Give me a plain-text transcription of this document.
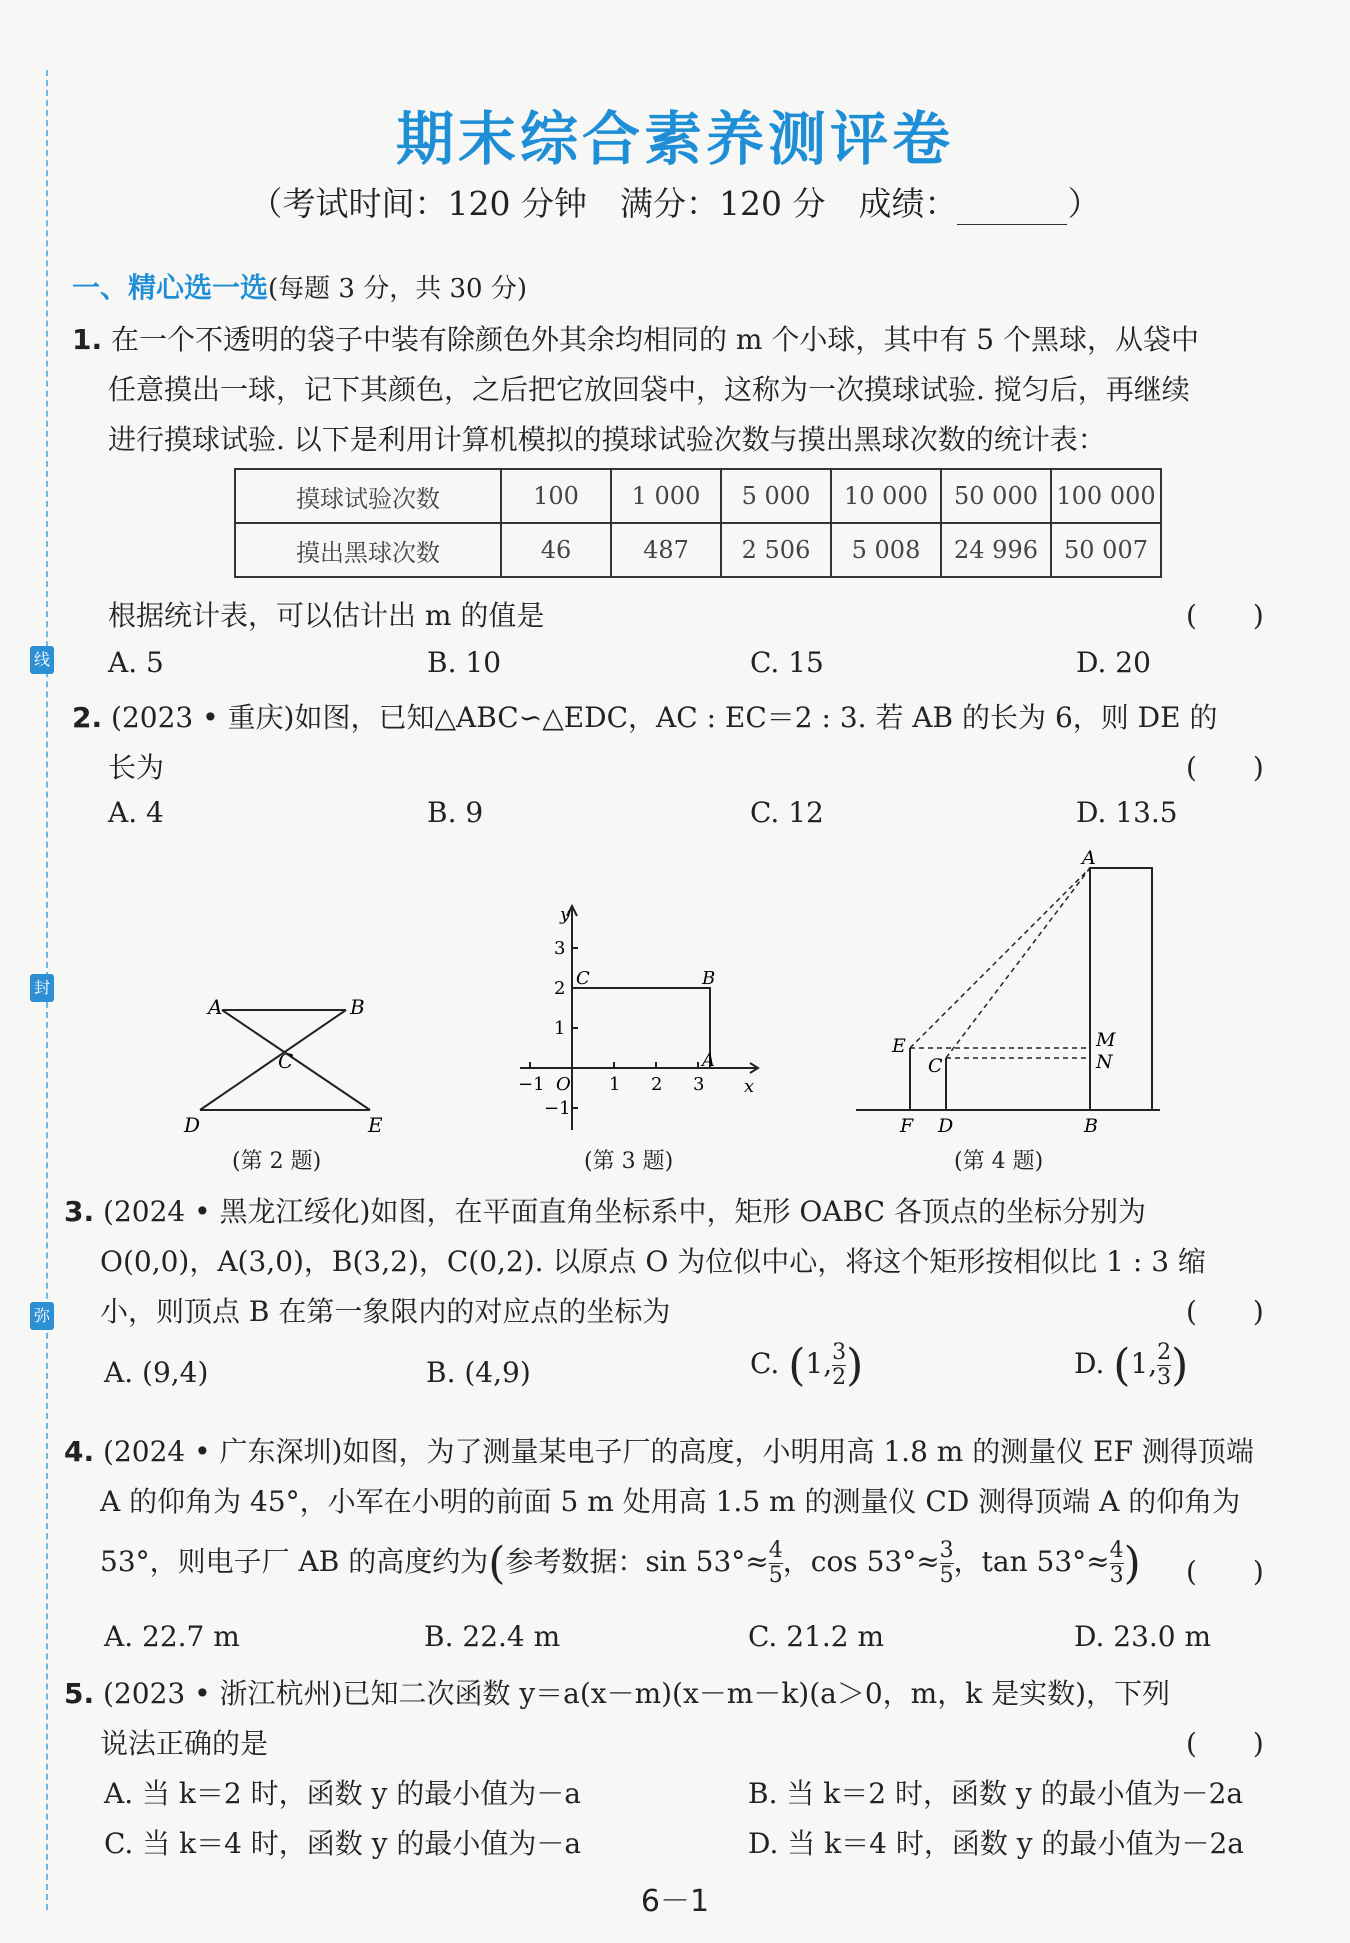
线
封
弥
期末综合素养测评卷
（考试时间：120 分钟　满分：120 分　成绩：	）
一、精心选一选(每题 3 分，共 30 分)
1. 在一个不透明的袋子中装有除颜色外其余均相同的 m 个小球，其中有 5 个黑球，从袋中
任意摸出一球，记下其颜色，之后把它放回袋中，这称为一次摸球试验. 搅匀后，再继续
进行摸球试验. 以下是利用计算机模拟的摸球试验次数与摸出黑球次数的统计表：
摸球试验次数	100	1 000	5 000	10 000	50 000	100 000
摸出黑球次数	46	487	2 506	5 008	24 996	50 007
根据统计表，可以估计出 m 的值是	(　　)
A. 5	B. 10	C. 15	D. 20
2. (2023 • 重庆)如图，已知△ABC∽△EDC，AC : EC＝2 : 3. 若 AB 的长为 6，则 DE 的
长为	(　　)
A. 4	B. 9	C. 12	D. 13.5
A	B
C
D	E
(第 2 题)
y
x
O
A
B
C
−1	1 2 3
3
2
1
−1
(第 3 题)
A
E
C
M
N
F D	B
(第 4 题)
3. (2024 • 黑龙江绥化)如图，在平面直角坐标系中，矩形 OABC 各顶点的坐标分别为
O(0,0)，A(3,0)，B(3,2)，C(0,2). 以原点 O 为位似中心，将这个矩形按相似比 1 : 3 缩
小，则顶点 B 在第一象限内的对应点的坐标为	(　　)
A. (9,4)	B. (4,9)	C. (1, $\frac{3}{2}$ )	D. (1, $\frac{2}{3}$ )
4. (2024 • 广东深圳)如图，为了测量某电子厂的高度，小明用高 1.8 m 的测量仪 EF 测得顶端
A 的仰角为 45°，小军在小明的前面 5 m 处用高 1.5 m 的测量仪 CD 测得顶端 A 的仰角为
53°，则电子厂 AB 的高度约为(参考数据：$\sin 53^\circ\approx \frac{4}{5}$ ，$\cos 53^\circ\approx \frac{3}{5}$ ，$\tan 53^\circ\approx \frac{4}{3}$ ) (　　)
A. 22.7 m	B. 22.4 m	C. 21.2 m	D. 23.0 m
5. (2023 • 浙江杭州)已知二次函数 y＝a(x－m)(x－m－k)(a＞0，m，k 是实数)，下列
说法正确的是	(　　)
A. 当 k＝2 时，函数 y 的最小值为－a	B. 当 k＝2 时，函数 y 的最小值为－2a
C. 当 k＝4 时，函数 y 的最小值为－a	D. 当 k＝4 时，函数 y 的最小值为－2a
6－1
